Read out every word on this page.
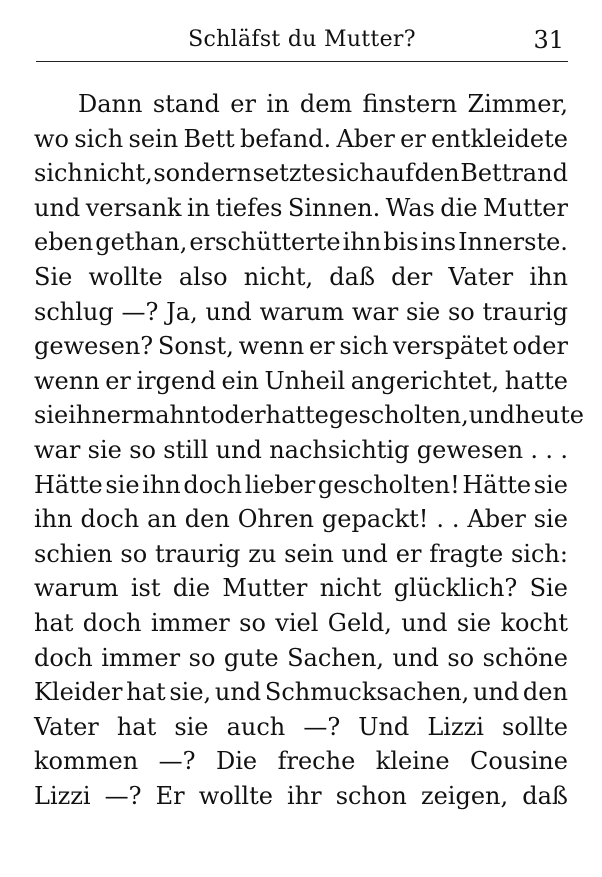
Schläfst du Mutter?	31
Dann stand er in dem finstern Zimmer,
wo sich sein Bett befand. Aber er entkleidete
sich nicht, sondern setzte sich auf den Bettrand
und versank in tiefes Sinnen. Was die Mutter
eben gethan, erschütterte ihn bis ins Innerste.
Sie wollte also nicht, daß der Vater ihn
schlug —? Ja, und warum war sie so traurig
gewesen? Sonst, wenn er sich verspätet oder
wenn er irgend ein Unheil angerichtet, hatte
sie ihn ermahnt oder hatte gescholten, und heute
war sie so still und nachsichtig gewesen . . .
Hätte sie ihn doch lieber gescholten! Hätte sie
ihn doch an den Ohren gepackt! . . Aber sie
schien so traurig zu sein und er fragte sich:
warum ist die Mutter nicht glücklich? Sie
hat doch immer so viel Geld, und sie kocht
doch immer so gute Sachen, und so schöne
Kleider hat sie, und Schmucksachen, und den
Vater hat sie auch —? Und Lizzi sollte
kommen —? Die freche kleine Cousine
Lizzi —? Er wollte ihr schon zeigen, daß
